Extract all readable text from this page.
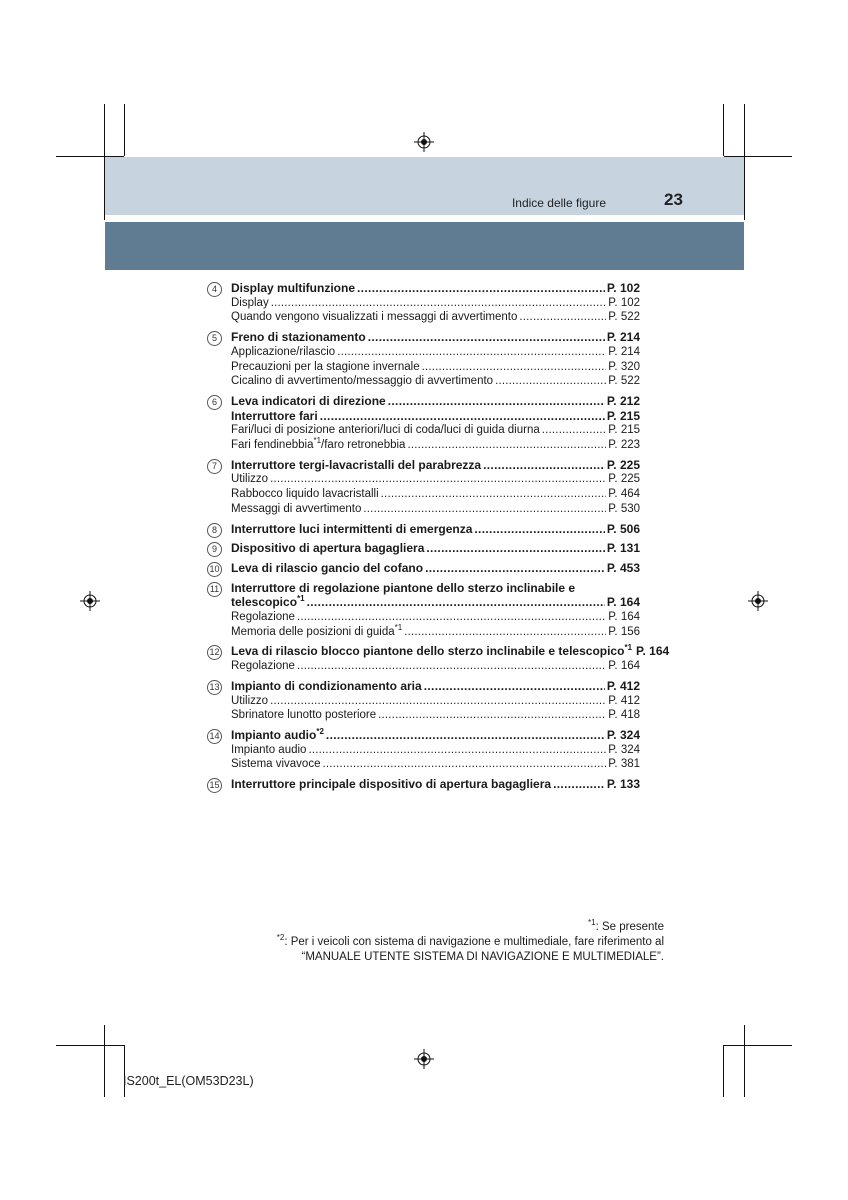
Indice delle figure	23
4	Display multifunzione . . .	P. 102
Display . . .	P. 102
Quando vengono visualizzati i messaggi di avvertimento . . .	P. 522
5	Freno di stazionamento . . .	P. 214
Applicazione/rilascio . . .	P. 214
Precauzioni per la stagione invernale . . .	P. 320
Cicalino di avvertimento/messaggio di avvertimento . . .	P. 522
6	Leva indicatori di direzione . . .	P. 212
Interruttore fari . . .	P. 215
Fari/luci di posizione anteriori/luci di coda/luci di guida diurna . . .	P. 215
Fari fendinebbia$^{*1}$/faro retronebbia . . .	P. 223
7	Interruttore tergi-lavacristalli del parabrezza . . .	P. 225
Utilizzo . . .	P. 225
Rabbocco liquido lavacristalli . . .	P. 464
Messaggi di avvertimento . . .	P. 530
8	Interruttore luci intermittenti di emergenza . . .	P. 506
9	Dispositivo di apertura bagagliera . . .	P. 131
10 Leva di rilascio gancio del cofano . . .	P. 453
11 Interruttore di regolazione piantone dello sterzo inclinabile e
telescopico$^{*1}$ . . .	P. 164
Regolazione . . .	P. 164
Memoria delle posizioni di guida$^{*1}$ . . .	P. 156
12 Leva di rilascio blocco piantone dello sterzo inclinabile e telescopico$^{*1}$ P. 164
Regolazione . . .	P. 164
13 Impianto di condizionamento aria . . .	P. 412
Utilizzo . . .	P. 412
Sbrinatore lunotto posteriore . . .	P. 418
14 Impianto audio$^{*2}$ . . .	P. 324
Impianto audio . . .	P. 324
Sistema vivavoce . . .	P. 381
15 Interruttore principale dispositivo di apertura bagagliera . . .	P. 133
$^{*1}$: Se presente
$^{*2}$: Per i veicoli con sistema di navigazione e multimediale, fare riferimento al
“MANUALE UTENTE SISTEMA DI NAVIGAZIONE E MULTIMEDIALE”.
IS200t_EL(OM53D23L)
